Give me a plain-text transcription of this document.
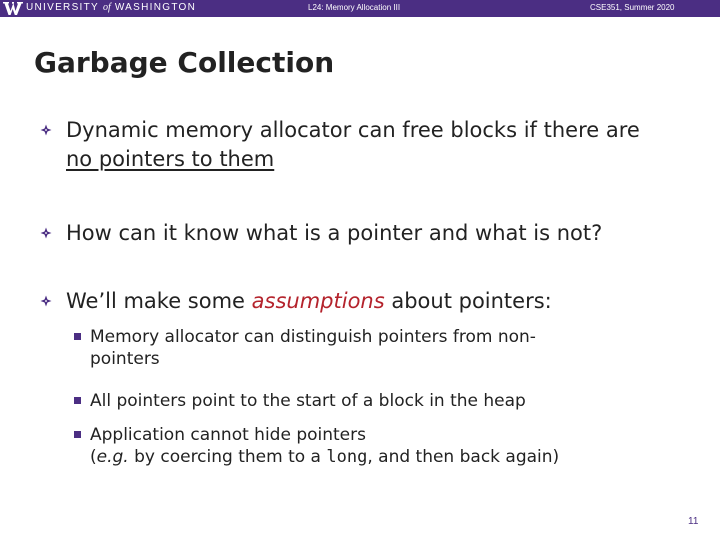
UNIVERSITY of WASHINGTON	L24: Memory Allocation III	CSE351, Summer 2020
Garbage Collection
Dynamic memory allocator can free blocks if there are
no pointers to them
How can it know what is a pointer and what is not?
We’ll make some assumptions about pointers:
Memory allocator can distinguish pointers from non-
pointers
All pointers point to the start of a block in the heap
Application cannot hide pointers
(e.g. by coercing them to a long, and then back again)
11
